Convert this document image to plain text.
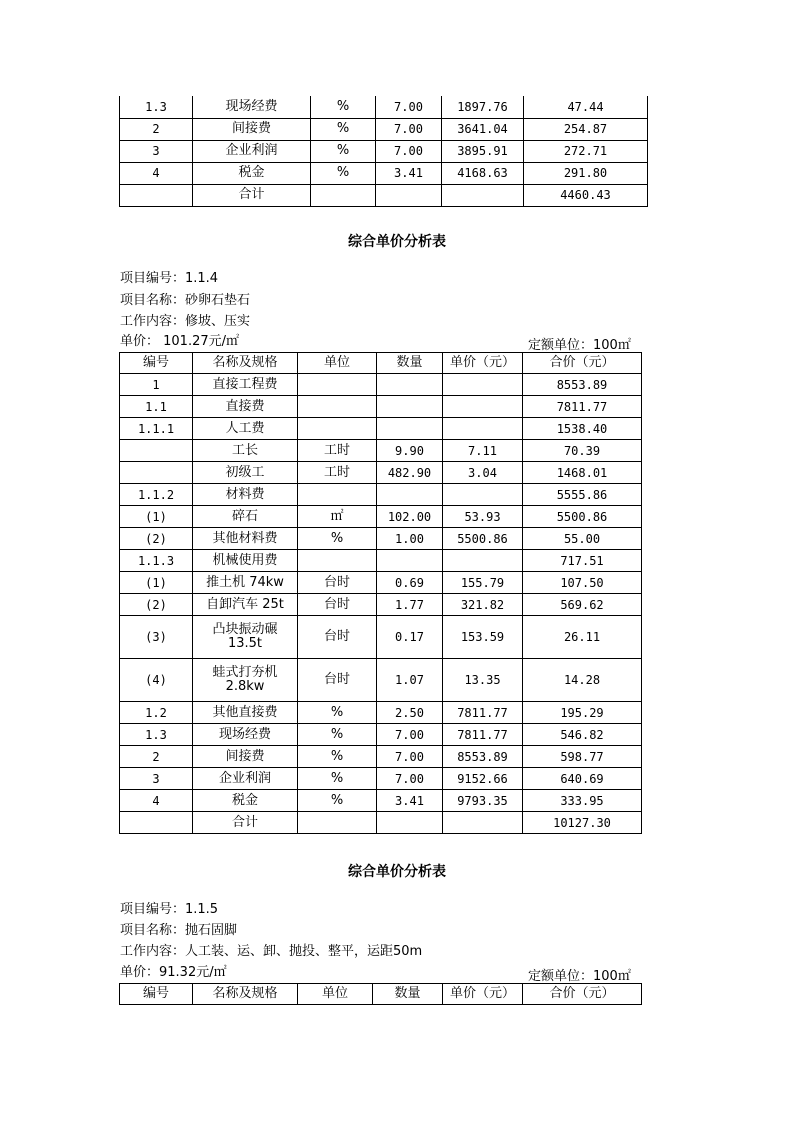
1.3	现场经费	%	7.00	1897.76	47.44
2	间接费	%	7.00	3641.04	254.87
3	企业利润	%	7.00	3895.91	272.71
4	税金	%	3.41	4168.63	291.80
	合计				4460.43
综合单价分析表
项目编号：1.1.4
项目名称：砂卵石垫石
工作内容：修坡、压实
单价： 101.27元/㎡	定额单位：100㎡
编号	名称及规格	单位	数量	单价（元）	合价（元）
1	直接工程费				8553.89
1.1	直接费				7811.77
1.1.1	人工费				1538.40
	工长	工时	9.90	7.11	70.39
	初级工	工时	482.90	3.04	1468.01
1.1.2	材料费				5555.86
(1)	碎石	㎡	102.00	53.93	5500.86
(2)	其他材料费	%	1.00	5500.86	55.00
1.1.3	机械使用费				717.51
(1)	推土机 74kw	台时	0.69	155.79	107.50
(2)	自卸汽车 25t	台时	1.77	321.82	569.62
(3)	凸块振动碾
13.5t	台时	0.17	153.59	26.11
(4)	蛙式打夯机
2.8kw	台时	1.07	13.35	14.28
1.2	其他直接费	%	2.50	7811.77	195.29
1.3	现场经费	%	7.00	7811.77	546.82
2	间接费	%	7.00	8553.89	598.77
3	企业利润	%	7.00	9152.66	640.69
4	税金	%	3.41	9793.35	333.95
	合计				10127.30
综合单价分析表
项目编号：1.1.5
项目名称：抛石固脚
工作内容：人工装、运、卸、抛投、整平，运距50m
单价：91.32元/㎡	定额单位：100㎡
编号	名称及规格	单位	数量	单价（元）	合价（元）
